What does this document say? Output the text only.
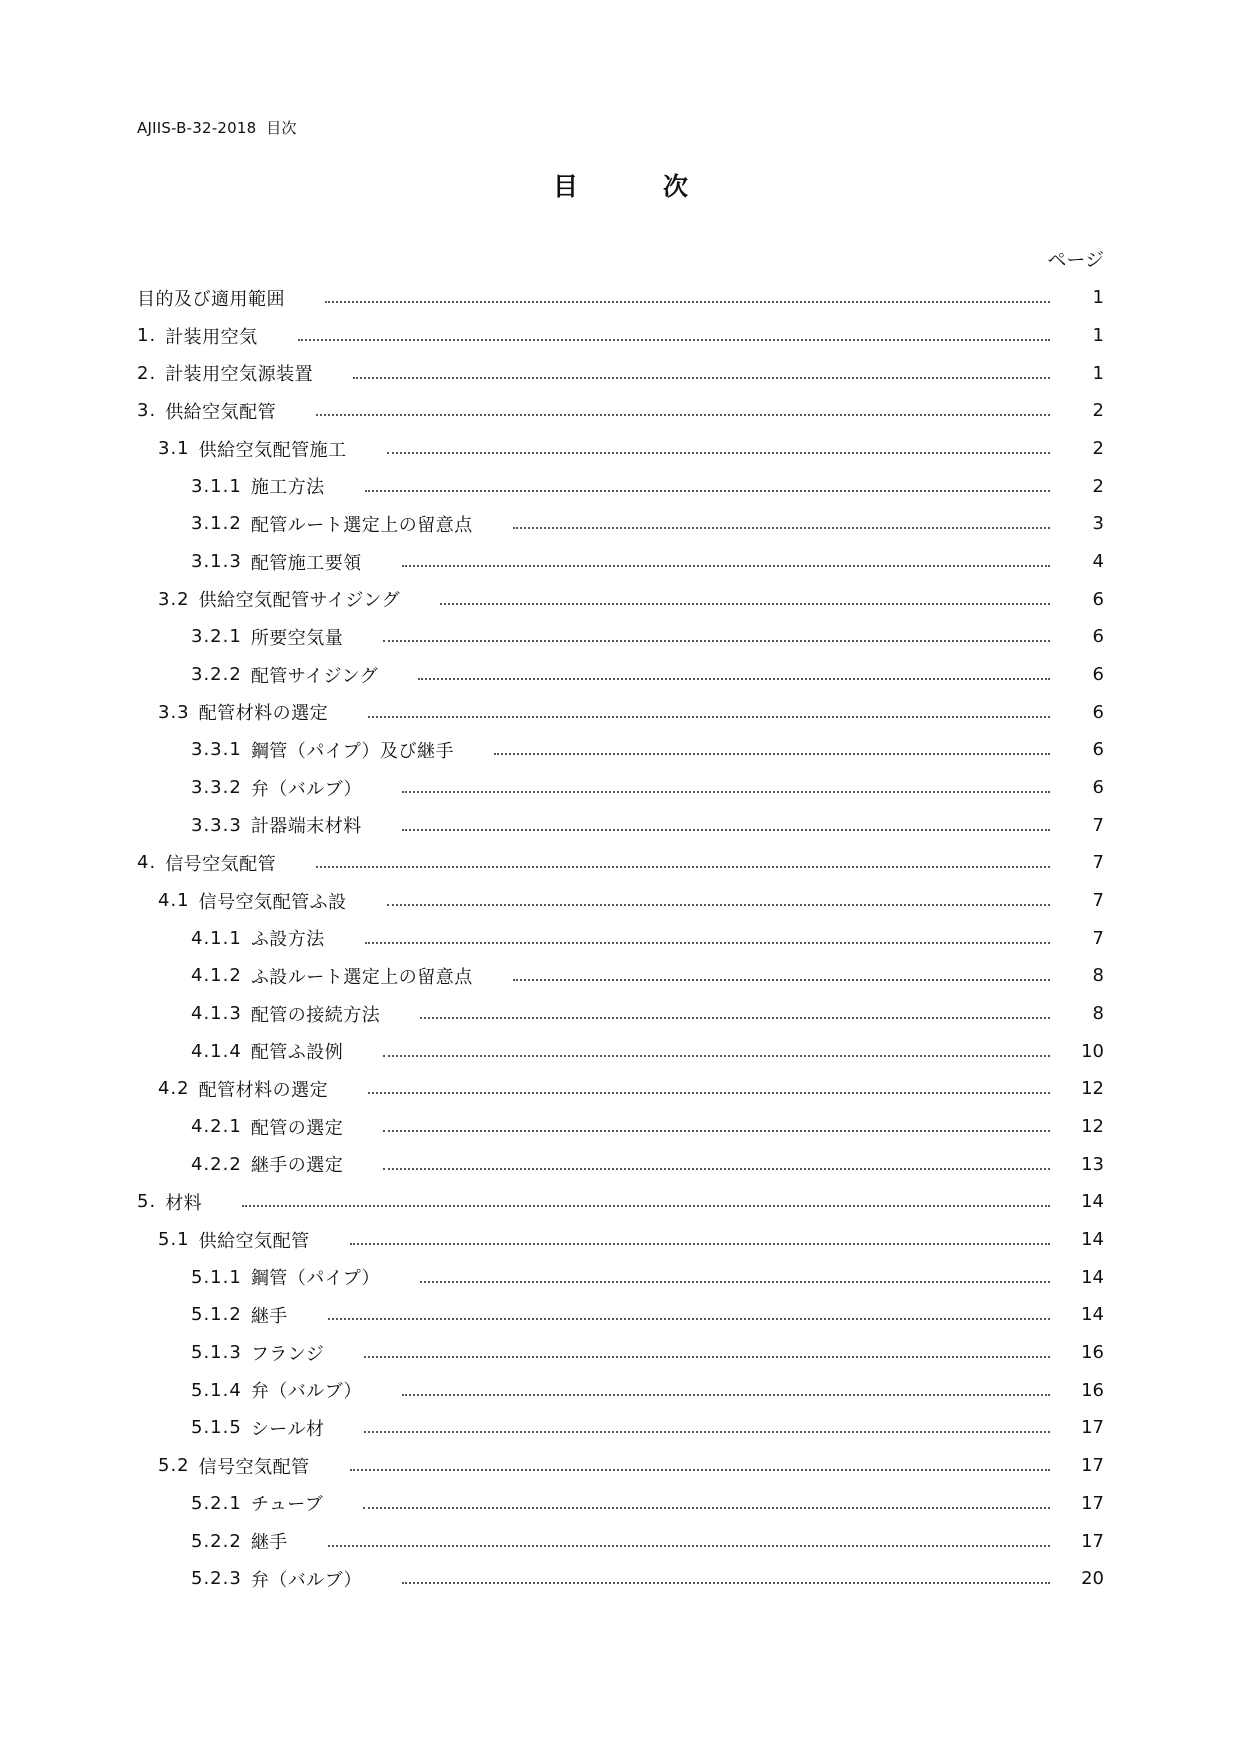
AJIIS-B-32-2018 目次
目次
ページ
目的及び適用範囲	1
1. 計装用空気	1
2. 計装用空気源装置	1
3. 供給空気配管	2
3.1 供給空気配管施工	2
3.1.1 施工方法	2
3.1.2 配管ルート選定上の留意点	3
3.1.3 配管施工要領	4
3.2 供給空気配管サイジング	6
3.2.1 所要空気量	6
3.2.2 配管サイジング	6
3.3 配管材料の選定	6
3.3.1 鋼管（パイプ）及び継手	6
3.3.2 弁（バルブ）	6
3.3.3 計器端末材料	7
4. 信号空気配管	7
4.1 信号空気配管ふ設	7
4.1.1 ふ設方法	7
4.1.2 ふ設ルート選定上の留意点	8
4.1.3 配管の接続方法	8
4.1.4 配管ふ設例	10
4.2 配管材料の選定	12
4.2.1 配管の選定	12
4.2.2 継手の選定	13
5. 材料	14
5.1 供給空気配管	14
5.1.1 鋼管（パイプ）	14
5.1.2 継手	14
5.1.3 フランジ	16
5.1.4 弁（バルブ）	16
5.1.5 シール材	17
5.2 信号空気配管	17
5.2.1 チューブ	17
5.2.2 継手	17
5.2.3 弁（バルブ）	20
